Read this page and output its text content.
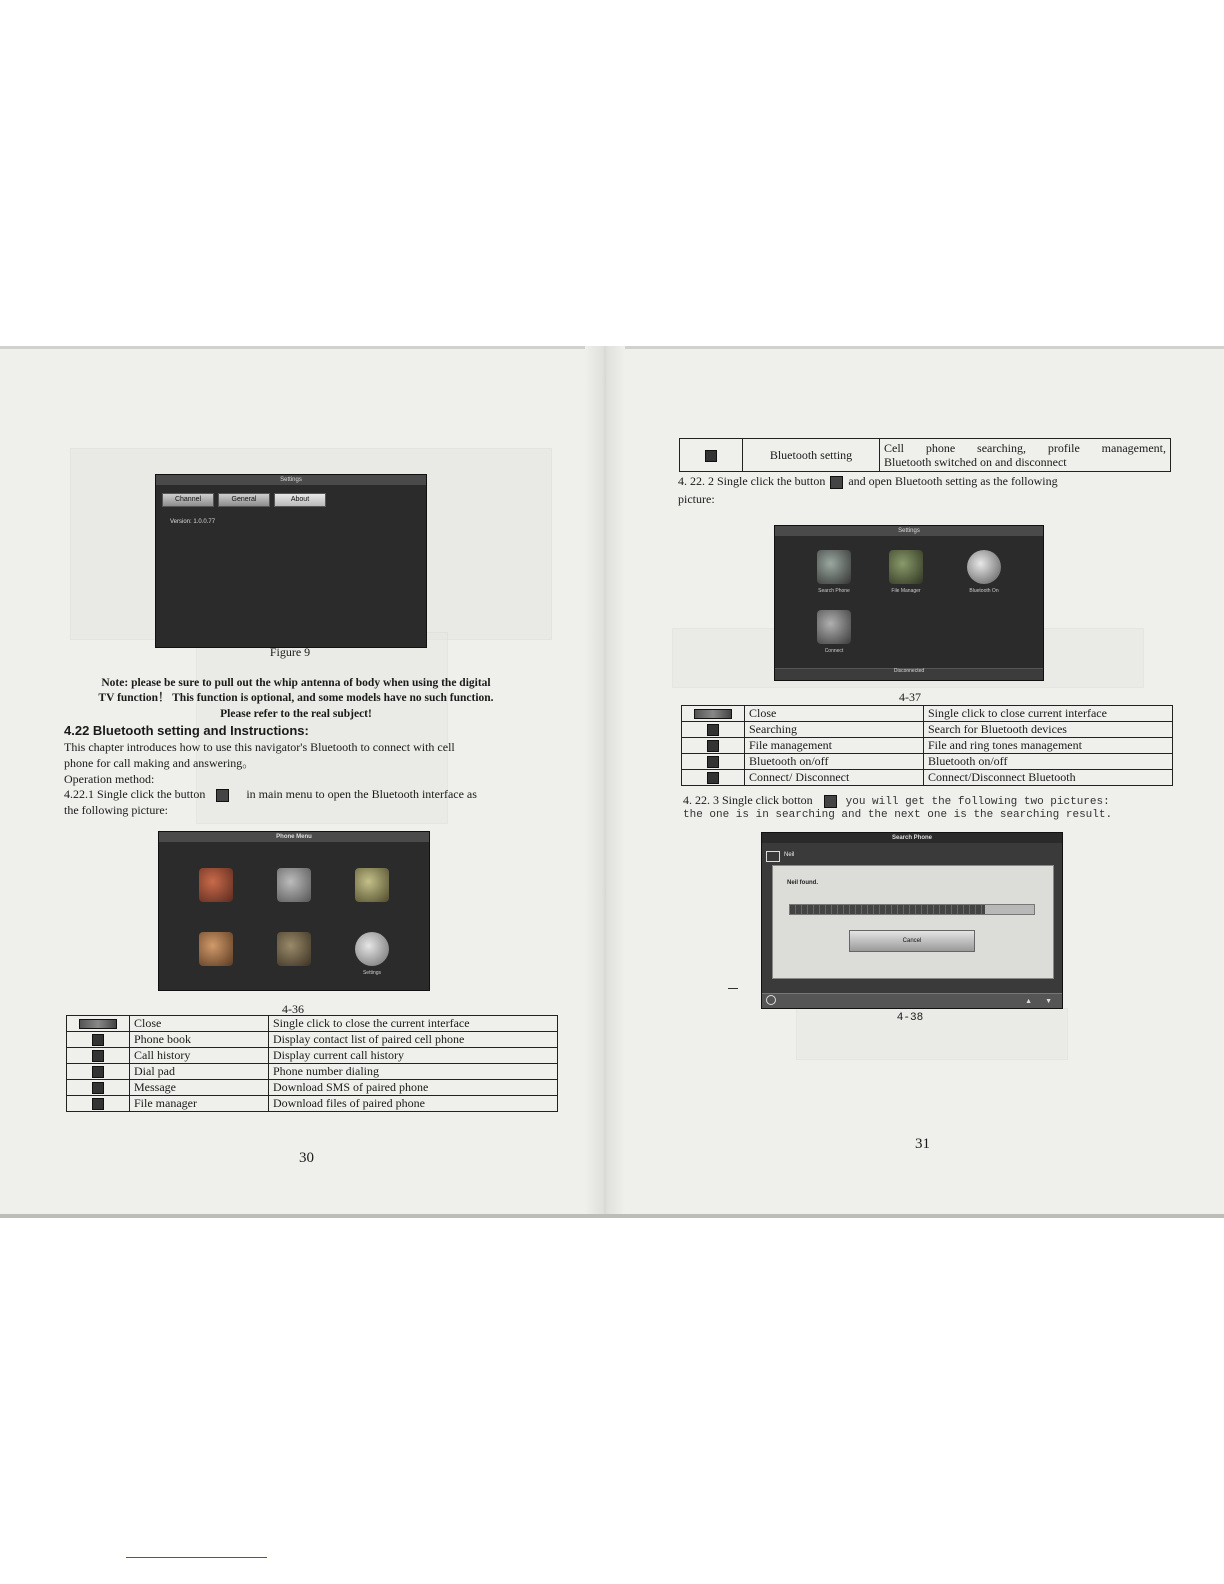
Settings
Channel	General	About
Version: 1.0.0.77
Figure 9
Note: please be sure to pull out the whip antenna of body when using the digital
TV function！ This function is optional, and some models have no such function.
Please refer to the real subject!
4.22 Bluetooth setting and Instructions:
This chapter introduces how to use this navigator's Bluetooth to connect with cell
phone for call making and answering。
Operation method:
4.22.1 Single click the button	in main menu to open the Bluetooth interface as
the following picture:
Phone Menu
Settings
4-36
	Close	Single click to close the current interface
	Phone book	Display contact list of paired cell phone
	Call history	Display current call history
	Dial pad	Phone number dialing
	Message	Download SMS of paired phone
	File manager	Download files of paired phone
30
	Bluetooth setting	Cell phone searching, profile management,
Bluetooth switched on and disconnect
4. 22. 2 Single click the button and open Bluetooth setting as the following
picture:
Settings
Search Phone	File Manager	Bluetooth On
Connect
Disconnected
4-37
	Close	Single click to close current interface
	Searching	Search for Bluetooth devices
	File management	File and ring tones management
	Bluetooth on/off	Bluetooth on/off
	Connect/ Disconnect	Connect/Disconnect Bluetooth
4. 22. 3 Single click botton	you will get the following two pictures:
the one is in searching and the next one is the searching result.
Search Phone
Neil
Neil found.
Cancel
▲ ▼
4-38
31
